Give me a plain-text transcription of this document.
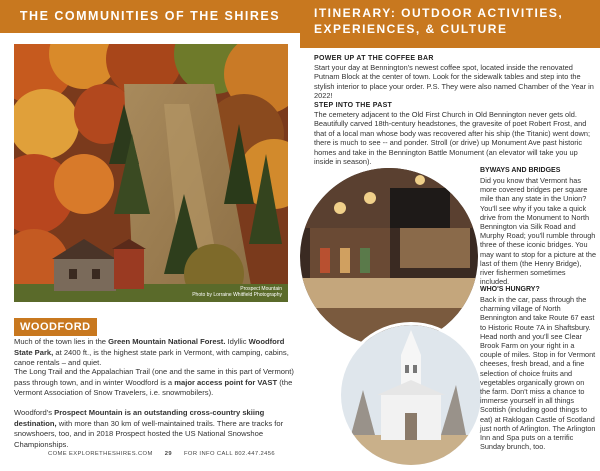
THE COMMUNITIES OF THE SHIRES
Prospect Mountain
Photo by Lorraine Whitfield Photography
WOODFORD
Much of the town lies in the Green Mountain National Forest. Idyllic Woodford State Park, at 2400 ft., is the highest state park in Vermont, with camping, cabins, canoe rentals – and quiet.
The Long Trail and the Appalachian Trail (one and the same in this part of Vermont) pass through town, and in winter Woodford is a major access point for VAST (the Vermont Association of Snow Travelers, i.e. snowmobilers).
Woodford's Prospect Mountain is an outstanding cross-country skiing destination, with more than 30 km of well-maintained trails. There are tracks for snowshoers, too, and in 2018 Prospect hosted the US National Snowshoe Championships.
COME EXPLORETHESHIRES.COM 29 FOR INFO CALL 802.447.2456
ITINERARY: OUTDOOR ACTIVITIES,
EXPERIENCES, & CULTURE
POWER UP AT THE COFFEE BAR
Start your day at Bennington's newest coffee spot, located inside the renovated Putnam Block at the center of town. Look for the sidewalk tables and step into the stylish interior to place your order. P.S. They were also named Chamber of the Year in 2022!
STEP INTO THE PAST
The cemetery adjacent to the Old First Church in Old Bennington never gets old. Beautifully carved 18th-century headstones, the gravesite of poet Robert Frost, and that of a local man whose body was recovered after his ship (the Titanic) went down; there is much to see -- and ponder. Stroll (or drive) up Monument Ave past historic homes and take in the Bennington Battle Monument (an elevator will take you up inside in season).
BYWAYS AND BRIDGES
Did you know that Vermont has more covered bridges per square mile than any state in the Union? You'll see why if you take a quick drive from the Monument to North Bennington via Silk Road and Murphy Road; you'll rumble through three of these iconic bridges. You may want to stop for a picture at the last of them (the Henry Bridge), river fishermen sometimes included.
WHO'S HUNGRY?
Back in the car, pass through the charming village of North Bennington and take Route 67 east to Historic Route 7A in Shaftsbury. Head north and you'll see Clear Brook Farm on your right in a couple of miles. Stop in for Vermont cheeses, fresh bread, and a fine selection of choice fruits and vegetables organically grown on the farm. Don't miss a chance to immerse yourself in all things Scottish (including good things to eat) at Raklogan Castle of Scotland just north of Arlington. The Arlington Inn and Spa puts on a terrific Sunday brunch, too.
